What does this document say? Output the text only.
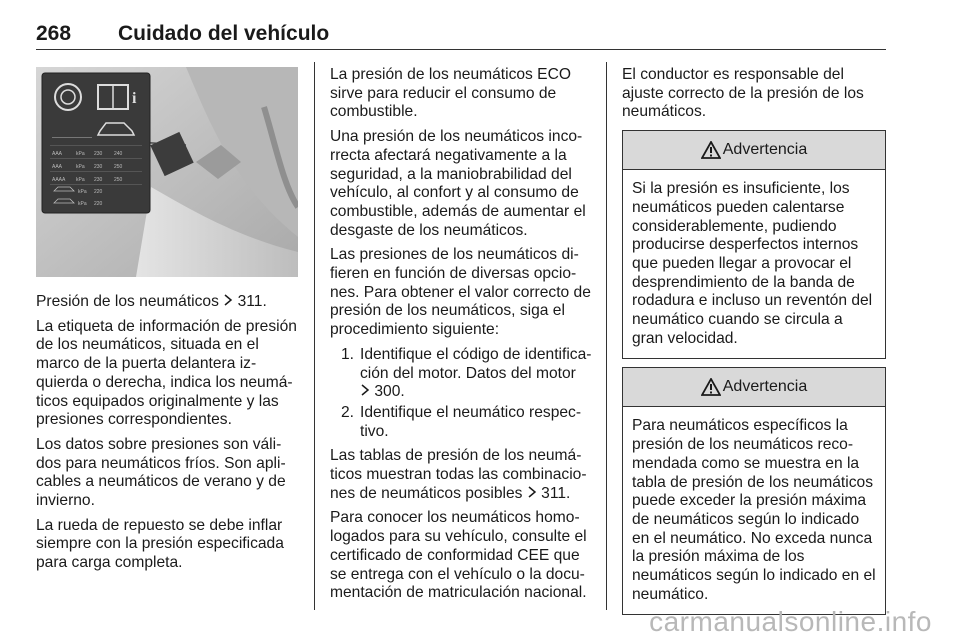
268 Cuidado del vehículo
i
AAA	kPa 230 240
AAA	kPa 230 250
AAAA kPa 230 250
kPa 220
kPa 220

Presión de los neumáticos 311.

La etiqueta de información de presión de los neumáticos, situada en el marco de la puerta delantera izquierda o derecha, indica los neumáticos equipados originalmente y las presiones correspondientes.

Los datos sobre presiones son válidos para neumáticos fríos. Son aplicables a neumáticos de verano y de invierno.

La rueda de repuesto se debe inflar siempre con la presión especificada para carga completa.

La presión de los neumáticos ECO sirve para reducir el consumo de combustible.

Una presión de los neumáticos incorrecta afectará negativamente a la seguridad, a la maniobrabilidad del vehículo, al confort y al consumo de combustible, además de aumentar el desgaste de los neumáticos.

Las presiones de los neumáticos difieren en función de diversas opciones. Para obtener el valor correcto de presión de los neumáticos, siga el procedimiento siguiente:

1. Identifique el código de identificación del motor. Datos del motor
300.
2. Identifique el neumático respectivo.

Las tablas de presión de los neumáticos muestran todas las combinaciones de neumáticos posibles 311.

Para conocer los neumáticos homologados para su vehículo, consulte el certificado de conformidad CEE que se entrega con el vehículo o la documentación de matriculación nacional.

El conductor es responsable del ajuste correcto de la presión de los neumáticos.

Advertencia
Si la presión es insuficiente, los neumáticos pueden calentarse considerablemente, pudiendo producirse desperfectos internos que pueden llegar a provocar el desprendimiento de la banda de rodadura e incluso un reventón del neumático cuando se circula a gran velocidad.
Advertencia
Para neumáticos específicos la presión de los neumáticos recomendada como se muestra en la tabla de presión de los neumáticos puede exceder la presión máxima de neumáticos según lo indicado en el neumático. No exceda nunca la presión máxima de los neumáticos según lo indicado en el neumático.
carmanualsonline.info
